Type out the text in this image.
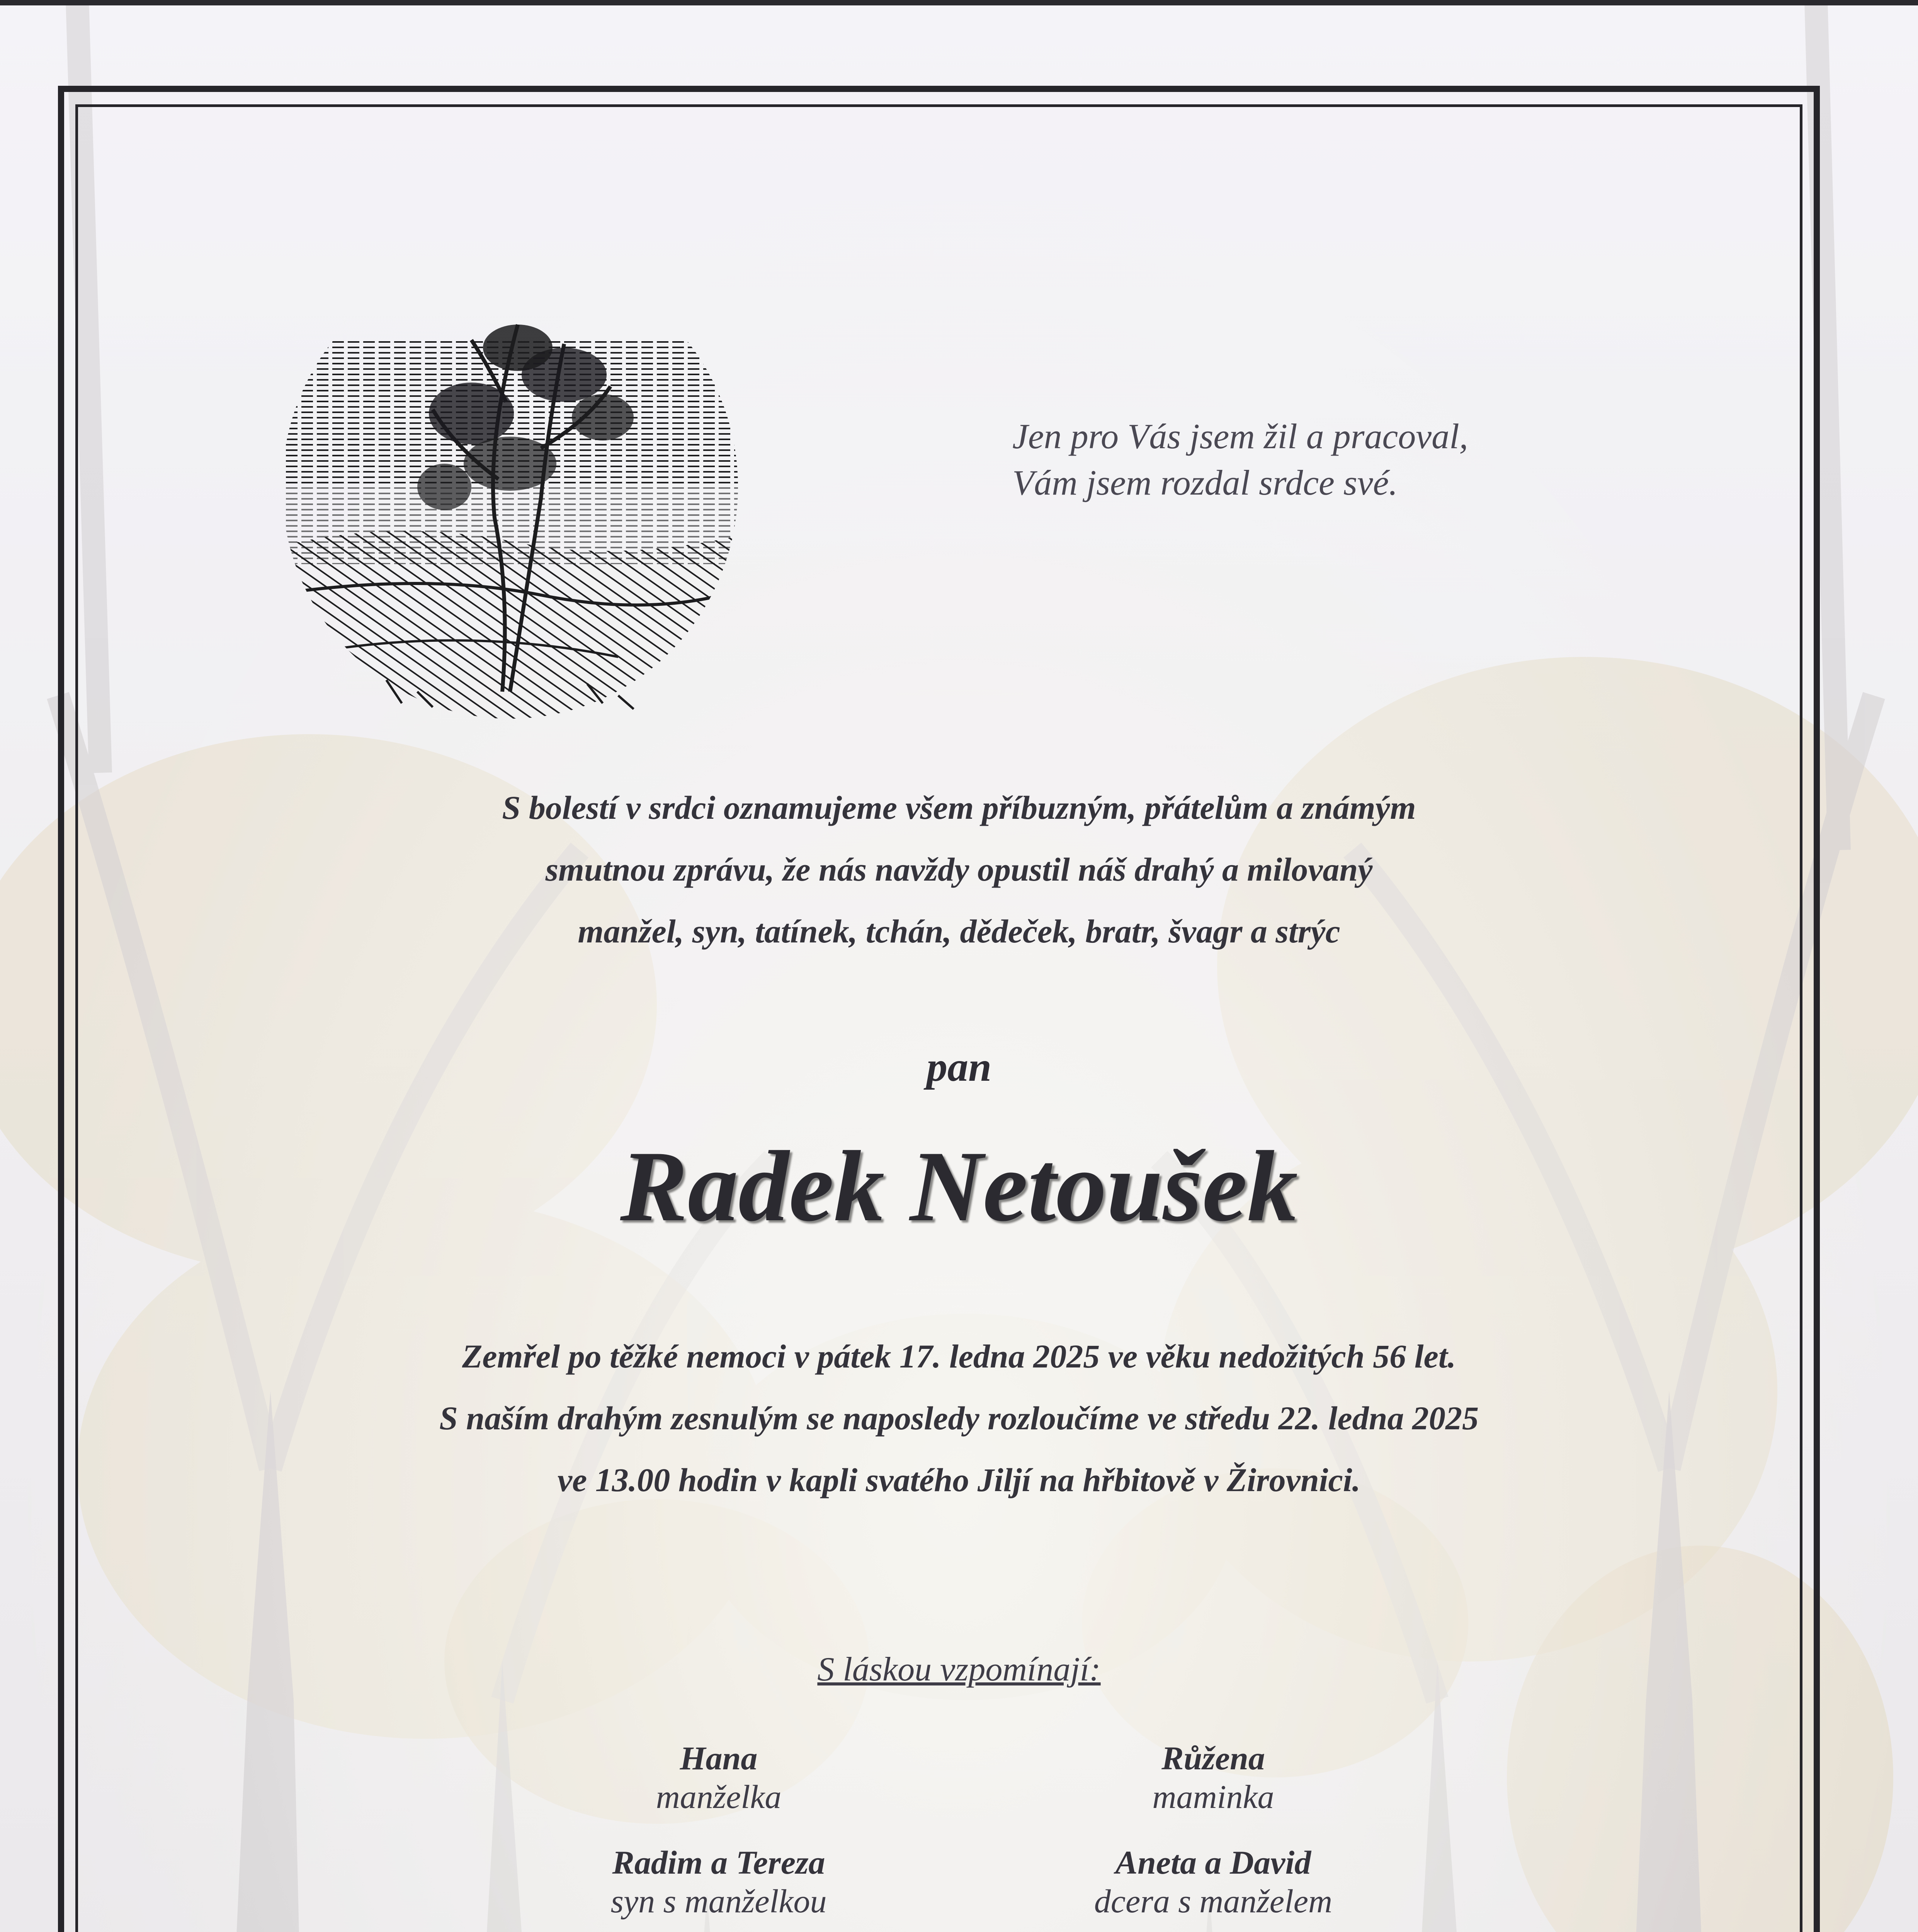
Jen pro Vás jsem žil a pracoval,
Vám jsem rozdal srdce své.
S bolestí v srdci oznamujeme všem příbuzným, přátelům a známým
smutnou zprávu, že nás navždy opustil náš drahý a milovaný
manžel, syn, tatínek, tchán, dědeček, bratr, švagr a strýc
pan
Radek Netoušek
Zemřel po těžké nemoci v pátek 17. ledna 2025 ve věku nedožitých 56 let.
S naším drahým zesnulým se naposledy rozloučíme ve středu 22. ledna 2025
ve 13.00 hodin v kapli svatého Jiljí na hřbitově v Žirovnici.
S láskou vzpomínají:
Hana
manželka
Růžena
maminka
Radim a Tereza
syn s manželkou
Aneta a David
dcera s manželem
